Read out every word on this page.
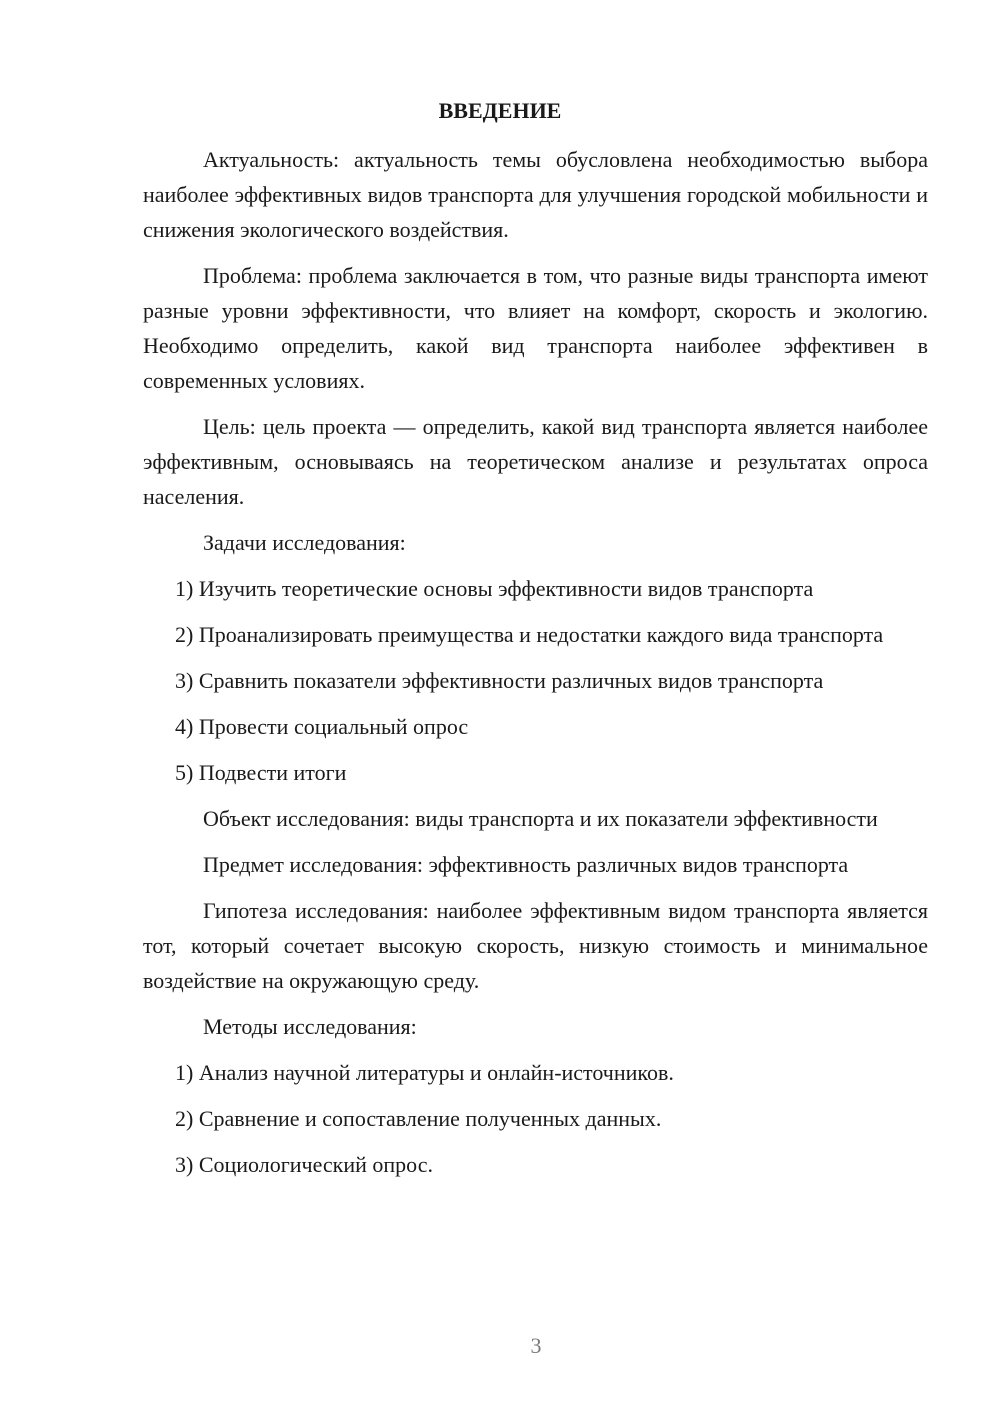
ВВЕДЕНИЕ

Актуальность: актуальность темы обусловлена необходимостью выбора наиболее эффективных видов транспорта для улучшения городской мобильности и снижения экологического воздействия.

Проблема: проблема заключается в том, что разные виды транспорта имеют разные уровни эффективности, что влияет на комфорт, скорость и экологию. Необходимо определить, какой вид транспорта наиболее эффективен в современных условиях.

Цель: цель проекта — определить, какой вид транспорта является наиболее эффективным, основываясь на теоретическом анализе и результатах опроса населения.

Задачи исследования:

1) Изучить теоретические основы эффективности видов транспорта

2) Проанализировать преимущества и недостатки каждого вида транспорта

3) Сравнить показатели эффективности различных видов транспорта

4) Провести социальный опрос

5) Подвести итоги

Объект исследования: виды транспорта и их показатели эффективности

Предмет исследования: эффективность различных видов транспорта

Гипотеза исследования: наиболее эффективным видом транспорта является тот, который сочетает высокую скорость, низкую стоимость и минимальное воздействие на окружающую среду.

Методы исследования:

1) Анализ научной литературы и онлайн-источников.

2) Сравнение и сопоставление полученных данных.

3) Социологический опрос.

3
